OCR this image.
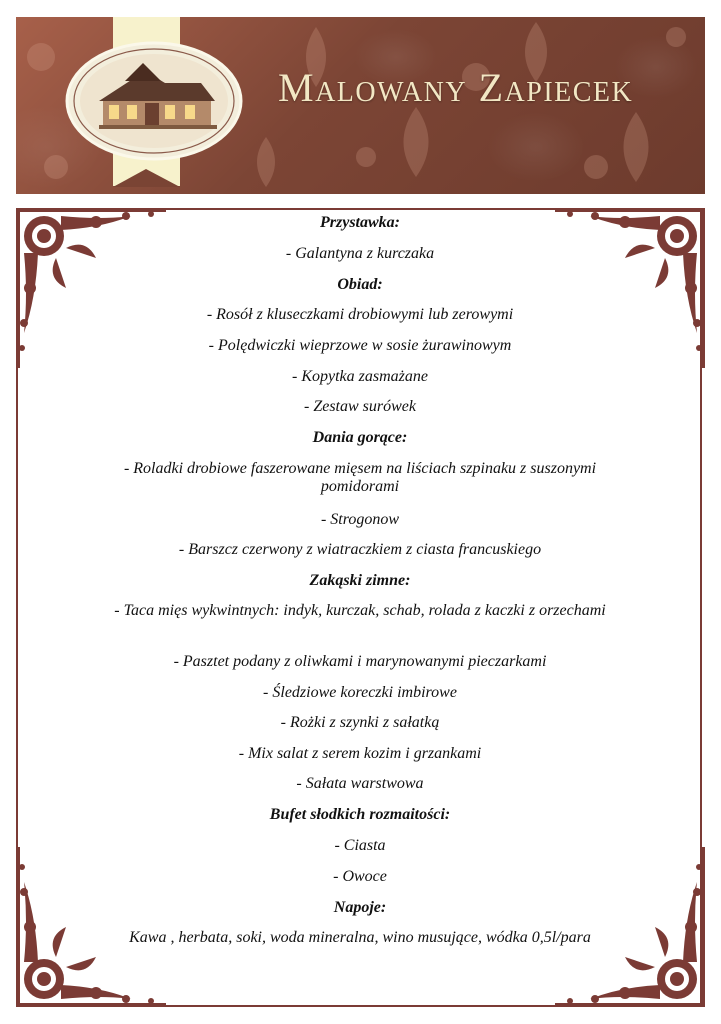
Malowany Zapiecek

Przystawka:

- Galantyna z kurczaka

Obiad:

- Rosół z kluseczkami drobiowymi lub zerowymi

- Polędwiczki wieprzowe w sosie żurawinowym

- Kopytka zasmażane

- Zestaw surówek

Dania gorące:

- Roladki drobiowe faszerowane mięsem na liściach szpinaku z suszonymi pomidorami

- Strogonow

- Barszcz czerwony z wiatraczkiem z ciasta francuskiego

Zakąski zimne:

- Taca mięs wykwintnych: indyk, kurczak, schab, rolada z kaczki z orzechami

- Pasztet podany z oliwkami i marynowanymi pieczarkami

- Śledziowe koreczki imbirowe

- Rożki z szynki z sałatką

- Mix salat z serem kozim i grzankami

- Sałata warstwowa

Bufet słodkich rozmaitości:

- Ciasta

- Owoce

Napoje:

Kawa , herbata, soki, woda mineralna, wino musujące, wódka 0,5l/para
